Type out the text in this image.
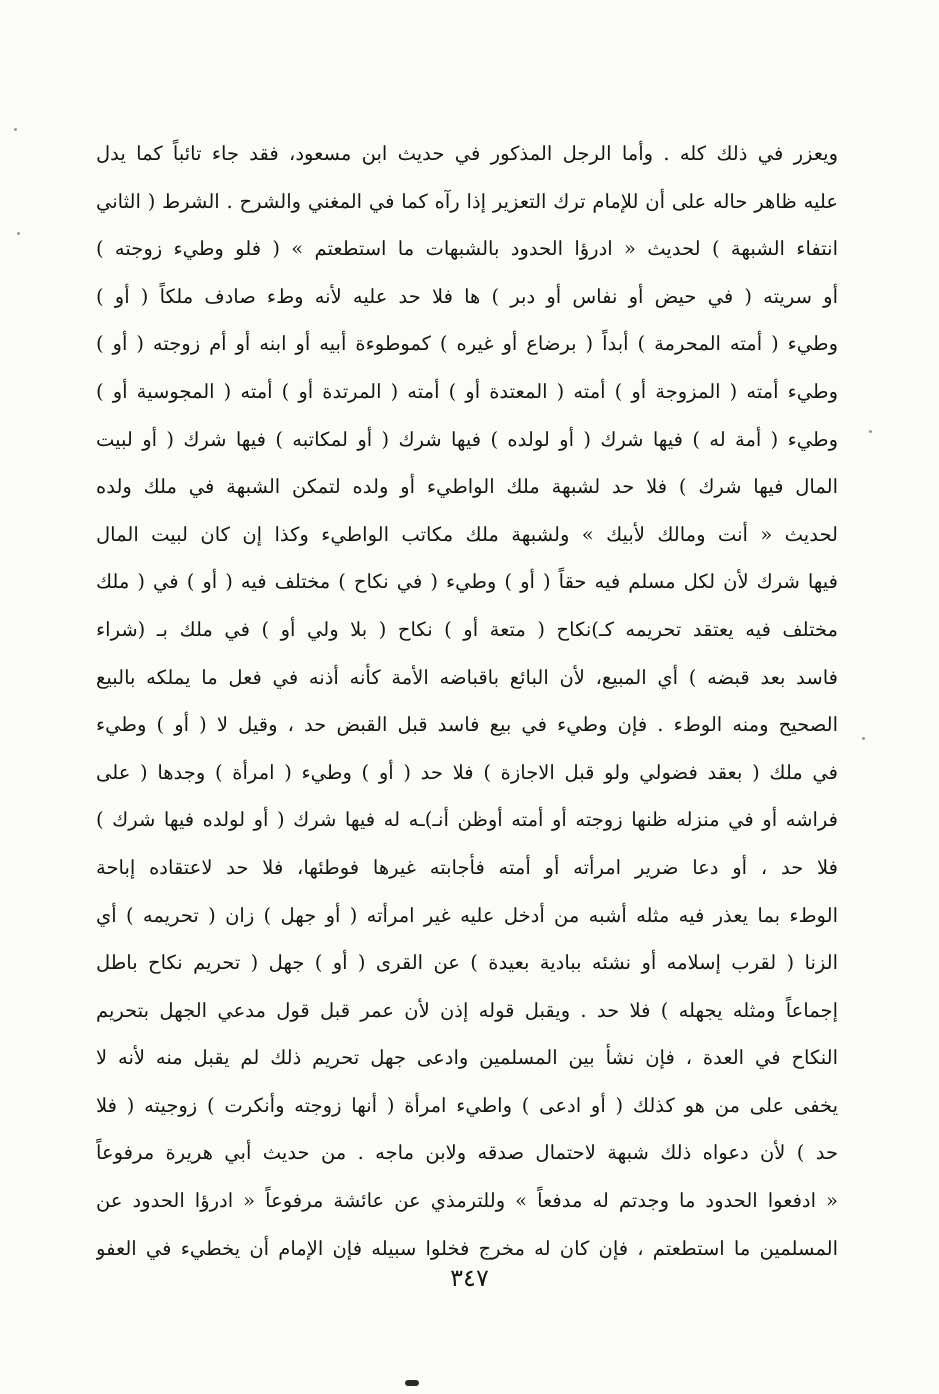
ويعزر في ذلك كله . وأما الرجل المذكور في حديث ابن مسعود، فقد جاء تائباً كما يدل
عليه ظاهر حاله على أن للإمام ترك التعزير إذا رآه كما في المغني والشرح . الشرط ( الثاني
انتفاء الشبهة ) لحديث « ادرؤا الحدود بالشبهات ما استطعتم » ( فلو وطيء زوجته )
أو سريته ( في حيض أو نفاس أو دبر ) ها فلا حد عليه لأنه وطء صادف ملكاً ( أو )
وطيء ( أمته المحرمة ) أبداً ( برضاع أو غيره ) كموطوءة أبيه أو ابنه أو أم زوجته ( أو )
وطيء أمته ( المزوجة أو ) أمته ( المعتدة أو ) أمته ( المرتدة أو ) أمته ( المجوسية أو )
وطيء ( أمة له ) فيها شرك ( أو لولده ) فيها شرك ( أو لمكاتبه ) فيها شرك ( أو لبيت
المال فيها شرك ) فلا حد لشبهة ملك الواطيء أو ولده لتمكن الشبهة في ملك ولده
لحديث « أنت ومالك لأبيك » ولشبهة ملك مكاتب الواطيء وكذا إن كان لبيت المال
فيها شرك لأن لكل مسلم فيه حقاً ( أو ) وطيء ( في نكاح ) مختلف فيه ( أو ) في ( ملك
مختلف فيه يعتقد تحريمه كـ)نكاح ( متعة أو ) نكاح ( بلا ولي أو ) في ملك بـ (شراء
فاسد بعد قبضه ) أي المبيع، لأن البائع باقباضه الأمة كأنه أذنه في فعل ما يملكه بالبيع
الصحيح ومنه الوطء . فإن وطيء في بيع فاسد قبل القبض حد ، وقيل لا ( أو ) وطيء
في ملك ( بعقد فضولي ولو قبل الاجازة ) فلا حد ( أو ) وطيء ( امرأة ) وجدها ( على
فراشه أو في منزله ظنها زوجته أو أمته أوظن أنـ)ـه له فيها شرك ( أو لولده فيها شرك )
فلا حد ، أو دعا ضرير امرأته أو أمته فأجابته غيرها فوطئها، فلا حد لاعتقاده إباحة
الوطء بما يعذر فيه مثله أشبه من أدخل عليه غير امرأته ( أو جهل ) زان ( تحريمه ) أي
الزنا ( لقرب إسلامه أو نشئه ببادية بعيدة ) عن القرى ( أو ) جهل ( تحريم نكاح باطل
إجماعاً ومثله يجهله ) فلا حد . ويقبل قوله إذن لأن عمر قبل قول مدعي الجهل بتحريم
النكاح في العدة ، فإن نشأ بين المسلمين وادعى جهل تحريم ذلك لم يقبل منه لأنه لا
يخفى على من هو كذلك ( أو ادعى ) واطيء امرأة ( أنها زوجته وأنكرت ) زوجيته ( فلا
حد ) لأن دعواه ذلك شبهة لاحتمال صدقه ولابن ماجه . من حديث أبي هريرة مرفوعاً
« ادفعوا الحدود ما وجدتم له مدفعاً » وللترمذي عن عائشة مرفوعاً « ادرؤا الحدود عن
المسلمين ما استطعتم ، فإن كان له مخرج فخلوا سبيله فإن الإمام أن يخطيء في العفو
٣٤٧
